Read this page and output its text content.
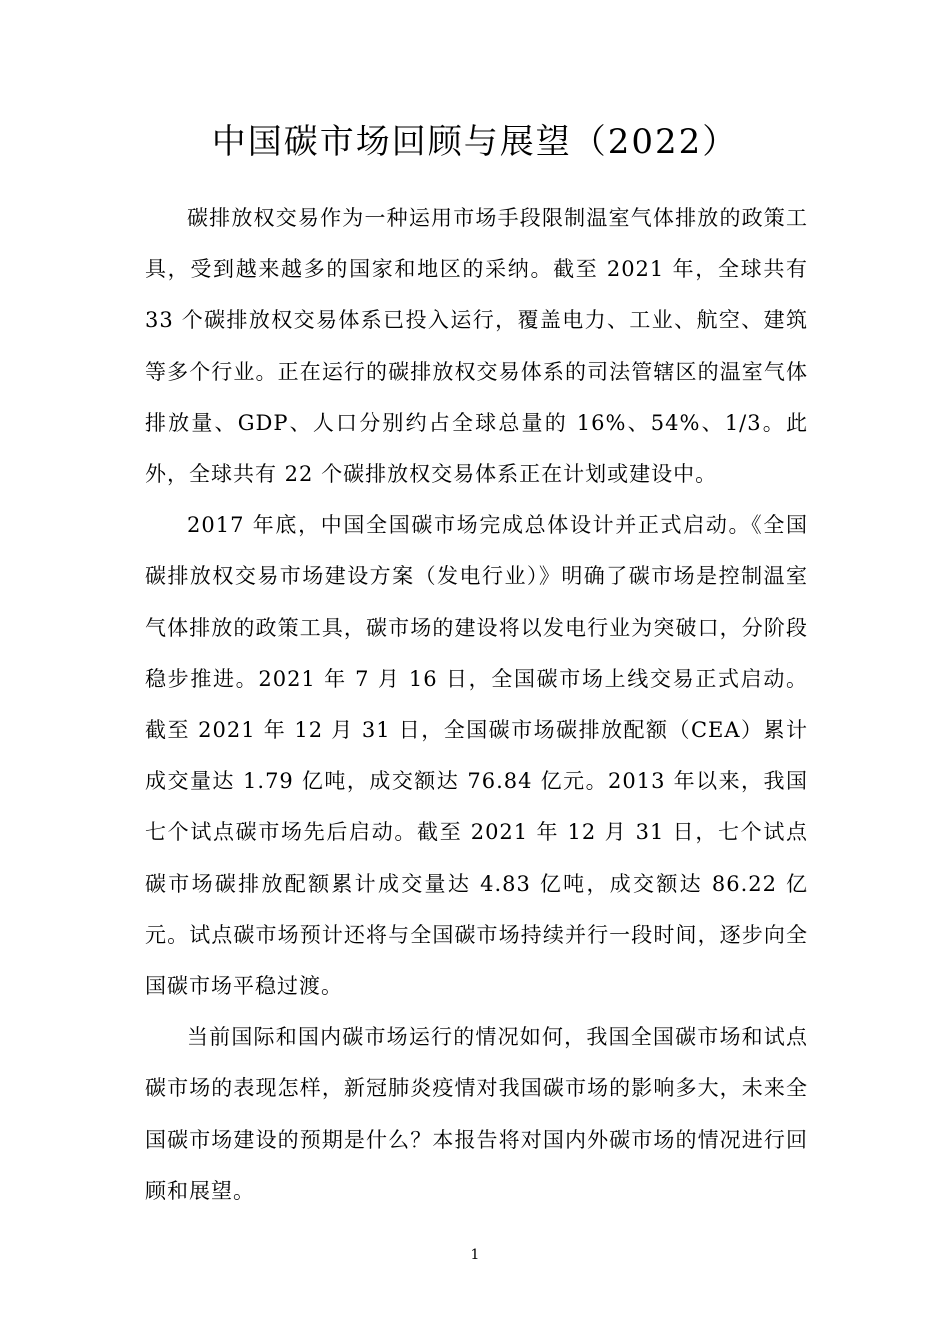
中国碳市场回顾与展望（2022）

碳排放权交易作为一种运用市场手段限制温室气体排放的政策工具，受到越来越多的国家和地区的采纳。截至 2021 年，全球共有 33 个碳排放权交易体系已投入运行，覆盖电力、工业、航空、建筑等多个行业。正在运行的碳排放权交易体系的司法管辖区的温室气体排放量、GDP、人口分别约占全球总量的 16%、54%、1/3。此外，全球共有 22 个碳排放权交易体系正在计划或建设中。

2017 年底，中国全国碳市场完成总体设计并正式启动。《全国碳排放权交易市场建设方案（发电行业）》明确了碳市场是控制温室气体排放的政策工具，碳市场的建设将以发电行业为突破口，分阶段稳步推进。2021 年 7 月 16 日，全国碳市场上线交易正式启动。截至 2021 年 12 月 31 日，全国碳市场碳排放配额（CEA）累计成交量达 1.79 亿吨，成交额达 76.84 亿元。2013 年以来，我国七个试点碳市场先后启动。截至 2021 年 12 月 31 日，七个试点碳市场碳排放配额累计成交量达 4.83 亿吨，成交额达 86.22 亿元。试点碳市场预计还将与全国碳市场持续并行一段时间，逐步向全国碳市场平稳过渡。

当前国际和国内碳市场运行的情况如何，我国全国碳市场和试点碳市场的表现怎样，新冠肺炎疫情对我国碳市场的影响多大，未来全国碳市场建设的预期是什么？本报告将对国内外碳市场的情况进行回顾和展望。

1
